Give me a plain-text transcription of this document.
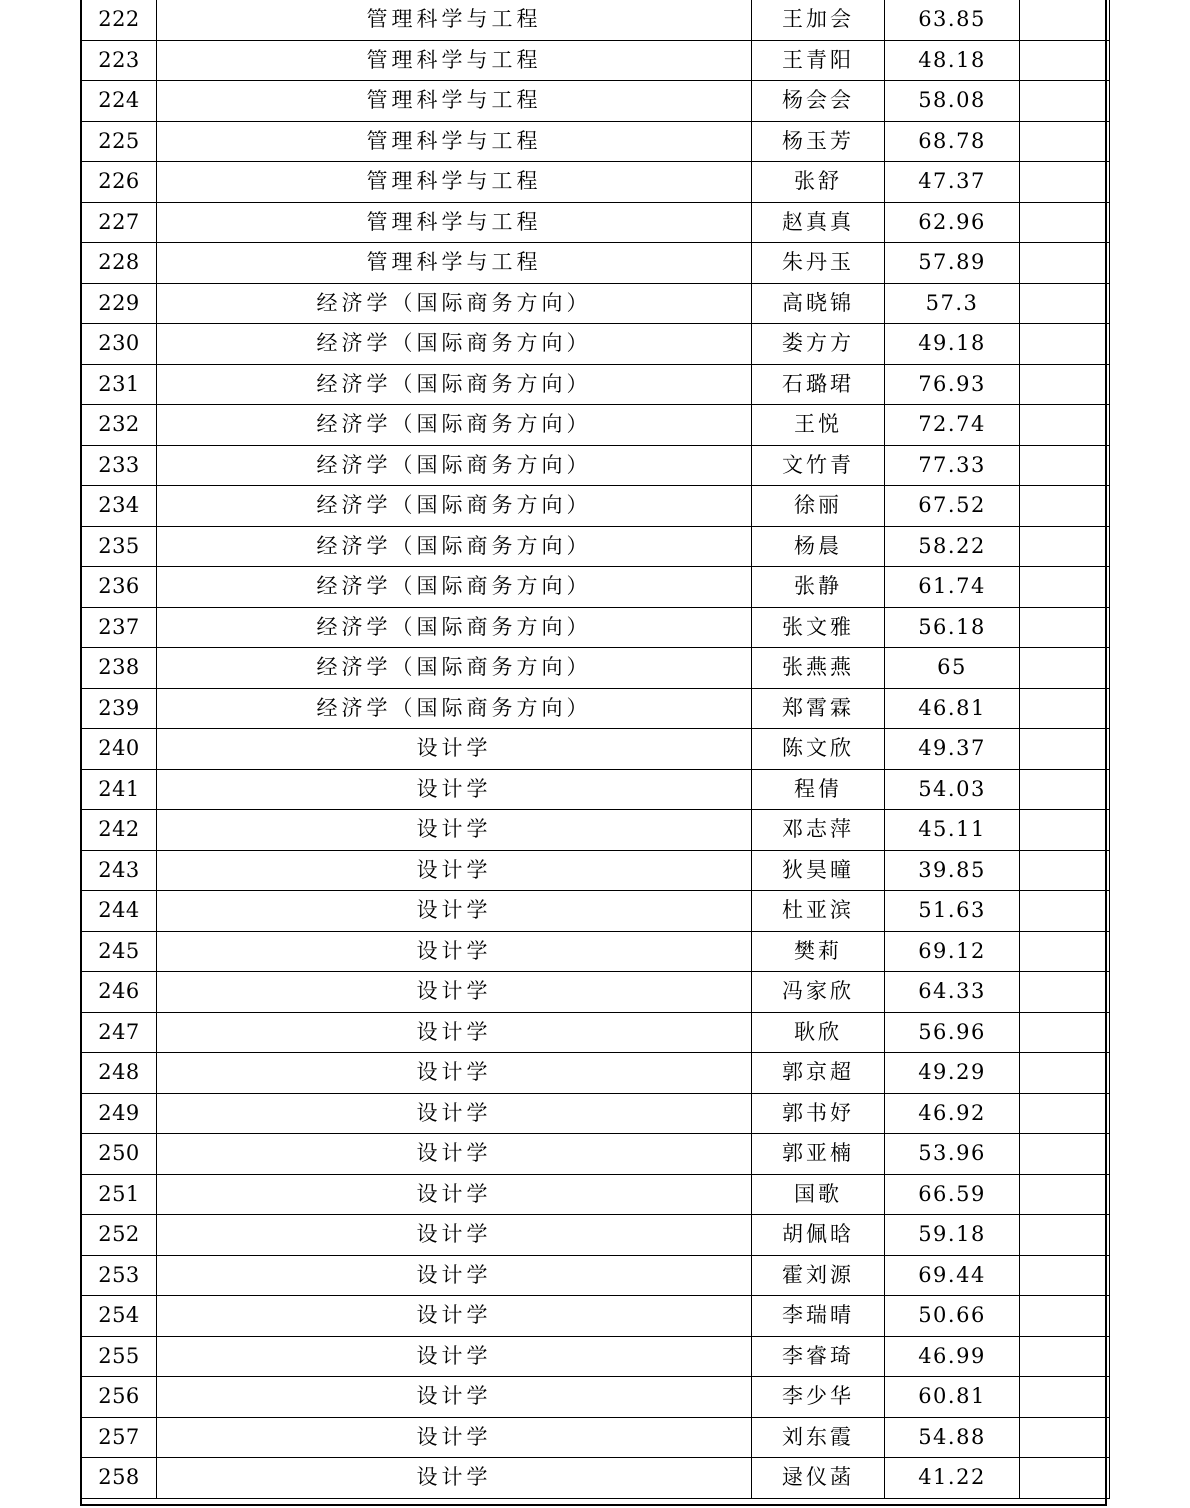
222	管理科学与工程	王加会	63.85	
223	管理科学与工程	王青阳	48.18	
224	管理科学与工程	杨会会	58.08	
225	管理科学与工程	杨玉芳	68.78	
226	管理科学与工程	张舒	47.37	
227	管理科学与工程	赵真真	62.96	
228	管理科学与工程	朱丹玉	57.89	
229	经济学（国际商务方向）	高晓锦	57.3	
230	经济学（国际商务方向）	娄方方	49.18	
231	经济学（国际商务方向）	石璐珺	76.93	
232	经济学（国际商务方向）	王悦	72.74	
233	经济学（国际商务方向）	文竹青	77.33	
234	经济学（国际商务方向）	徐丽	67.52	
235	经济学（国际商务方向）	杨晨	58.22	
236	经济学（国际商务方向）	张静	61.74	
237	经济学（国际商务方向）	张文雅	56.18	
238	经济学（国际商务方向）	张燕燕	65	
239	经济学（国际商务方向）	郑霄霖	46.81	
240	设计学	陈文欣	49.37	
241	设计学	程倩	54.03	
242	设计学	邓志萍	45.11	
243	设计学	狄昊曈	39.85	
244	设计学	杜亚滨	51.63	
245	设计学	樊莉	69.12	
246	设计学	冯家欣	64.33	
247	设计学	耿欣	56.96	
248	设计学	郭京超	49.29	
249	设计学	郭书妤	46.92	
250	设计学	郭亚楠	53.96	
251	设计学	国歌	66.59	
252	设计学	胡佩晗	59.18	
253	设计学	霍刘源	69.44	
254	设计学	李瑞晴	50.66	
255	设计学	李睿琦	46.99	
256	设计学	李少华	60.81	
257	设计学	刘东霞	54.88	
258	设计学	逯仪菡	41.22	
